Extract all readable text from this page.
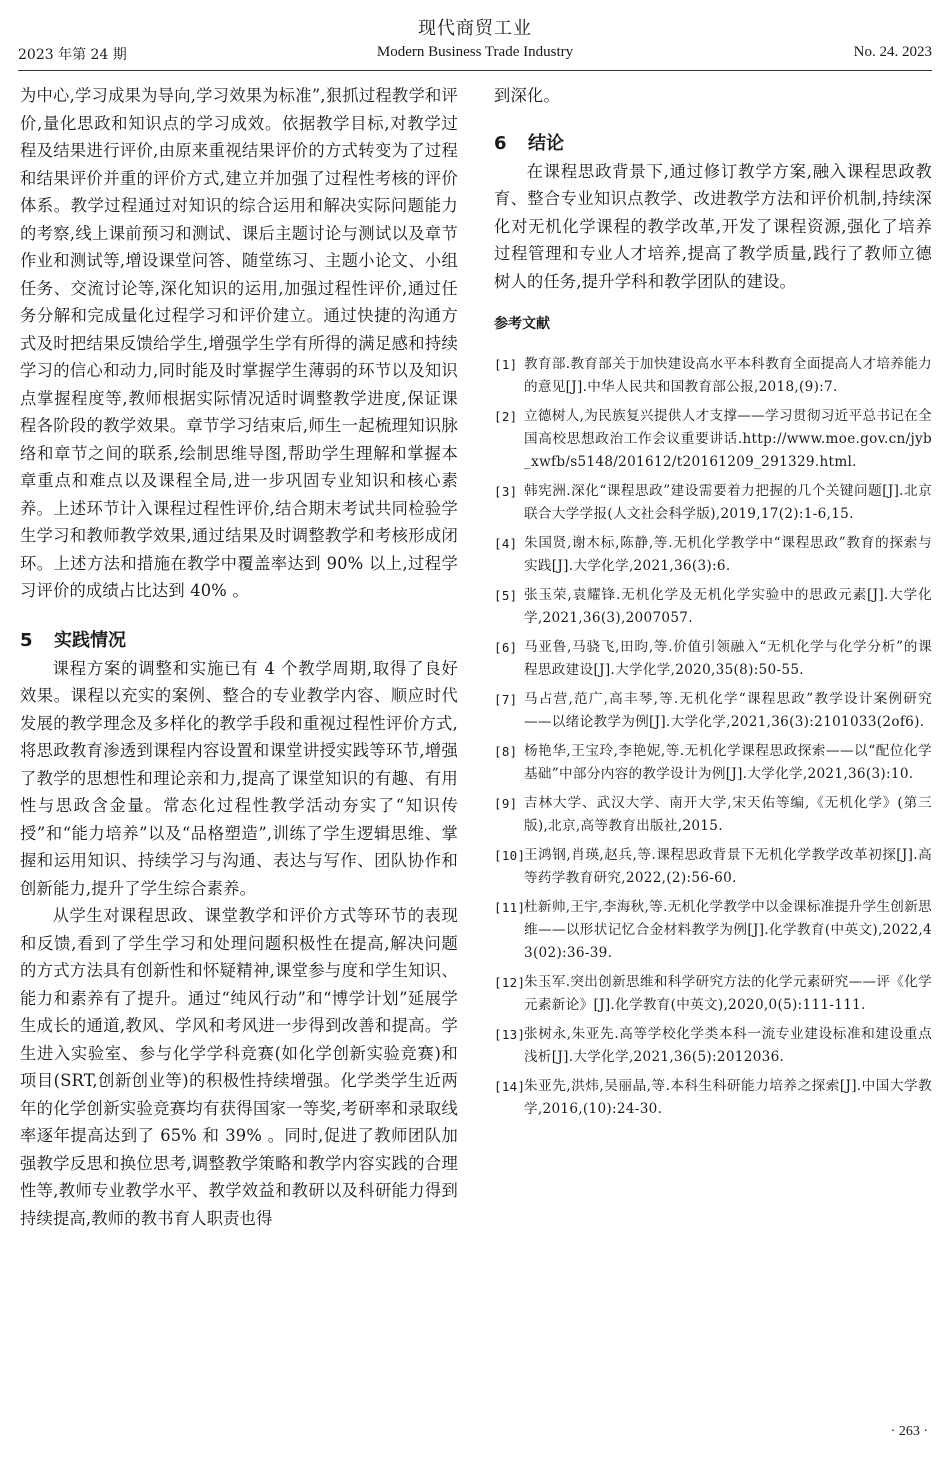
现代商贸工业
2023 年第 24 期	Modern Business Trade Industry	No. 24. 2023

为中心,学习成果为导向,学习效果为标准”,狠抓过程教学和评价,量化思政和知识点的学习成效。依据教学目标,对教学过程及结果进行评价,由原来重视结果评价的方式转变为了过程和结果评价并重的评价方式,建立并加强了过程性考核的评价体系。教学过程通过对知识的综合运用和解决实际问题能力的考察,线上课前预习和测试、课后主题讨论与测试以及章节作业和测试等,增设课堂问答、随堂练习、主题小论文、小组任务、交流讨论等,深化知识的运用,加强过程性评价,通过任务分解和完成量化过程学习和评价建立。通过快捷的沟通方式及时把结果反馈给学生,增强学生学有所得的满足感和持续学习的信心和动力,同时能及时掌握学生薄弱的环节以及知识点掌握程度等,教师根据实际情况适时调整教学进度,保证课程各阶段的教学效果。章节学习结束后,师生一起梳理知识脉络和章节之间的联系,绘制思维导图,帮助学生理解和掌握本章重点和难点以及课程全局,进一步巩固专业知识和核心素养。上述环节计入课程过程性评价,结合期末考试共同检验学生学习和教师教学效果,通过结果及时调整教学和考核形成闭环。上述方法和措施在教学中覆盖率达到 90% 以上,过程学习评价的成绩占比达到 40% 。

5 实践情况

课程方案的调整和实施已有 4 个教学周期,取得了良好效果。课程以充实的案例、整合的专业教学内容、顺应时代发展的教学理念及多样化的教学手段和重视过程性评价方式,将思政教育渗透到课程内容设置和课堂讲授实践等环节,增强了教学的思想性和理论亲和力,提高了课堂知识的有趣、有用性与思政含金量。常态化过程性教学活动夯实了“知识传授”和“能力培养”以及“品格塑造”,训练了学生逻辑思维、掌握和运用知识、持续学习与沟通、表达与写作、团队协作和创新能力,提升了学生综合素养。

从学生对课程思政、课堂教学和评价方式等环节的表现和反馈,看到了学生学习和处理问题积极性在提高,解决问题的方式方法具有创新性和怀疑精神,课堂参与度和学生知识、能力和素养有了提升。通过“纯风行动”和“博学计划”延展学生成长的通道,教风、学风和考风进一步得到改善和提高。学生进入实验室、参与化学学科竞赛(如化学创新实验竞赛)和项目(SRT,创新创业等)的积极性持续增强。化学类学生近两年的化学创新实验竞赛均有获得国家一等奖,考研率和录取线率逐年提高达到了 65% 和 39% 。同时,促进了教师团队加强教学反思和换位思考,调整教学策略和教学内容实践的合理性等,教师专业教学水平、教学效益和教研以及科研能力得到持续提高,教师的教书育人职责也得

到深化。

6 结论

在课程思政背景下,通过修订教学方案,融入课程思政教育、整合专业知识点教学、改进教学方法和评价机制,持续深化对无机化学课程的教学改革,开发了课程资源,强化了培养过程管理和专业人才培养,提高了教学质量,践行了教师立德树人的任务,提升学科和教学团队的建设。

参考文献
[1] 教育部.教育部关于加快建设高水平本科教育全面提高人才培养能力的意见[J].中华人民共和国教育部公报,2018,(9):7.
[2] 立德树人,为民族复兴提供人才支撑——学习贯彻习近平总书记在全国高校思想政治工作会议重要讲话.http://www.moe.gov.cn/jyb_xwfb/s5148/201612/t20161209_291329.html.
[3] 韩宪洲.深化“课程思政”建设需要着力把握的几个关键问题[J].北京联合大学学报(人文社会科学版),2019,17(2):1-6,15.
[4] 朱国贤,谢木标,陈静,等.无机化学教学中“课程思政”教育的探索与实践[J].大学化学,2021,36(3):6.
[5] 张玉荣,袁耀锋.无机化学及无机化学实验中的思政元素[J].大学化学,2021,36(3),2007057.
[6] 马亚鲁,马骁飞,田昀,等.价值引领融入“无机化学与化学分析”的课程思政建设[J].大学化学,2020,35(8):50-55.
[7] 马占营,范广,高丰琴,等.无机化学“课程思政”教学设计案例研究——以绪论教学为例[J].大学化学,2021,36(3):2101033(2of6).
[8] 杨艳华,王宝玲,李艳妮,等.无机化学课程思政探索——以“配位化学基础”中部分内容的教学设计为例[J].大学化学,2021,36(3):10.
[9] 吉林大学、武汉大学、南开大学,宋天佑等编,《无机化学》(第三版),北京,高等教育出版社,2015.
[10]
王鸿钢,肖瑛,赵兵,等.课程思政背景下无机化学教学改革初探[J].高等药学教育研究,2022,(2):56-60.
[11]
杜新帅,王宇,李海秋,等.无机化学教学中以金课标准提升学生创新思维——以形状记忆合金材料教学为例[J].化学教育(中英文),2022,43(02):36-39.
[12]
朱玉军.突出创新思维和科学研究方法的化学元素研究——评《化学元素新论》[J].化学教育(中英文),2020,0(5):111-111.
[13]
张树永,朱亚先.高等学校化学类本科一流专业建设标准和建设重点浅析[J].大学化学,2021,36(5):2012036.
[14]
朱亚先,洪炜,吴丽晶,等.本科生科研能力培养之探索[J].中国大学教学,2016,(10):24-30.
· 263 ·
